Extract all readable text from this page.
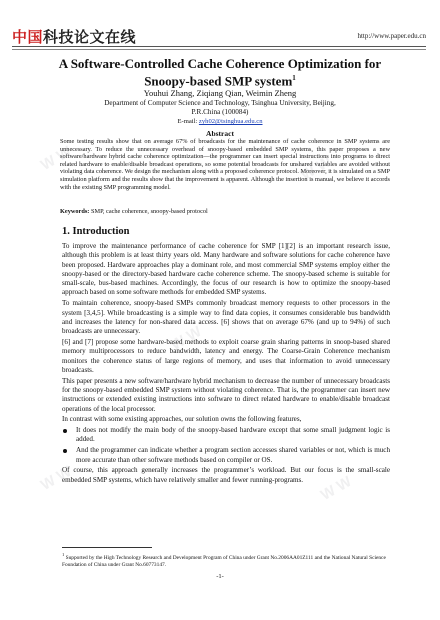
中国科技论文在线	http://www.paper.edu.cn
A Software-Controlled Cache Coherence Optimization for
Snoopy-based SMP system$^1$
Youhui Zhang, Ziqiang Qian, Weimin Zheng
Department of Computer Science and Technology, Tsinghua University, Beijing,
P.R.China (100084)
E-mail: zyh02@tsinghua.edu.cn
Abstract
Some testing results show that on average 67% of broadcasts for the maintenance of cache coherence in SMP systems are unnecessary. To reduce the unnecessary overhead of snoopy-based embedded SMP systems, this paper proposes a new software/hardware hybrid cache coherence optimization—the programmer can insert special instructions into programs to direct related hardware to enable/disable broadcast operations, so some potential broadcasts for unshared variables are avoided without violating data coherence. We design the mechanism along with a proposed coherence protocol. Moreover, it is simulated on a SMP simulation platform and the results show that the improvement is apparent. Although the insertion is manual, we believe it accords with the existing SMP programming model.
Keywords: SMP, cache coherence, snoopy-based protocol
1. Introduction

To improve the maintenance performance of cache coherence for SMP [1][2] is an important research issue, although this problem is at least thirty years old. Many hardware and software solutions for cache coherence have been proposed. Hardware approaches play a dominant role, and most commercial SMP systems employ either the snoopy-based or the directory-based hardware cache coherence scheme. The snoopy-based scheme is suitable for small-scale, bus-based machines. Accordingly, the focus of our research is how to optimize the snoopy-based approach based on some software methods for embedded SMP systems.

To maintain coherence, snoopy-based SMPs commonly broadcast memory requests to other processors in the system [3,4,5]. While broadcasting is a simple way to find data copies, it consumes considerable bus bandwidth and increases the latency for non-shared data access. [6] shows that on average 67% (and up to 94%) of such broadcasts are unnecessary.

[6] and [7] propose some hardware-based methods to exploit coarse grain sharing patterns in snoop-based shared memory multiprocessors to reduce bandwidth, latency and energy. The Coarse-Grain Coherence mechanism monitors the coherence status of large regions of memory, and uses that information to avoid unnecessary broadcasts.

This paper presents a new software/hardware hybrid mechanism to decrease the number of unnecessary broadcasts for the snoopy-based embedded SMP system without violating coherence. That is, the programmer can insert new instructions or extended existing instructions into software to direct related hardware to enable/disable broadcast operations of the local processor.

In contrast with some existing approaches, our solution owns the following features,

It does not modify the main body of the snoopy-based hardware except that some small judgment logic is added.

And the programmer can indicate whether a program section accesses shared variables or not, which is much more accurate than other software methods based on compiler or OS.

Of course, this approach generally increases the programmer’s workload. But our focus is the small-scale embedded SMP systems, which have relatively smaller and fewer running-programs.

$^1$ Supported by the High Technology Research and Development Program of China under Grant No.2006AA01Z111 and the National Natural Science Foundation of China under Grant No.60773147.
-1-
W W	W W
W W
W W	W W
